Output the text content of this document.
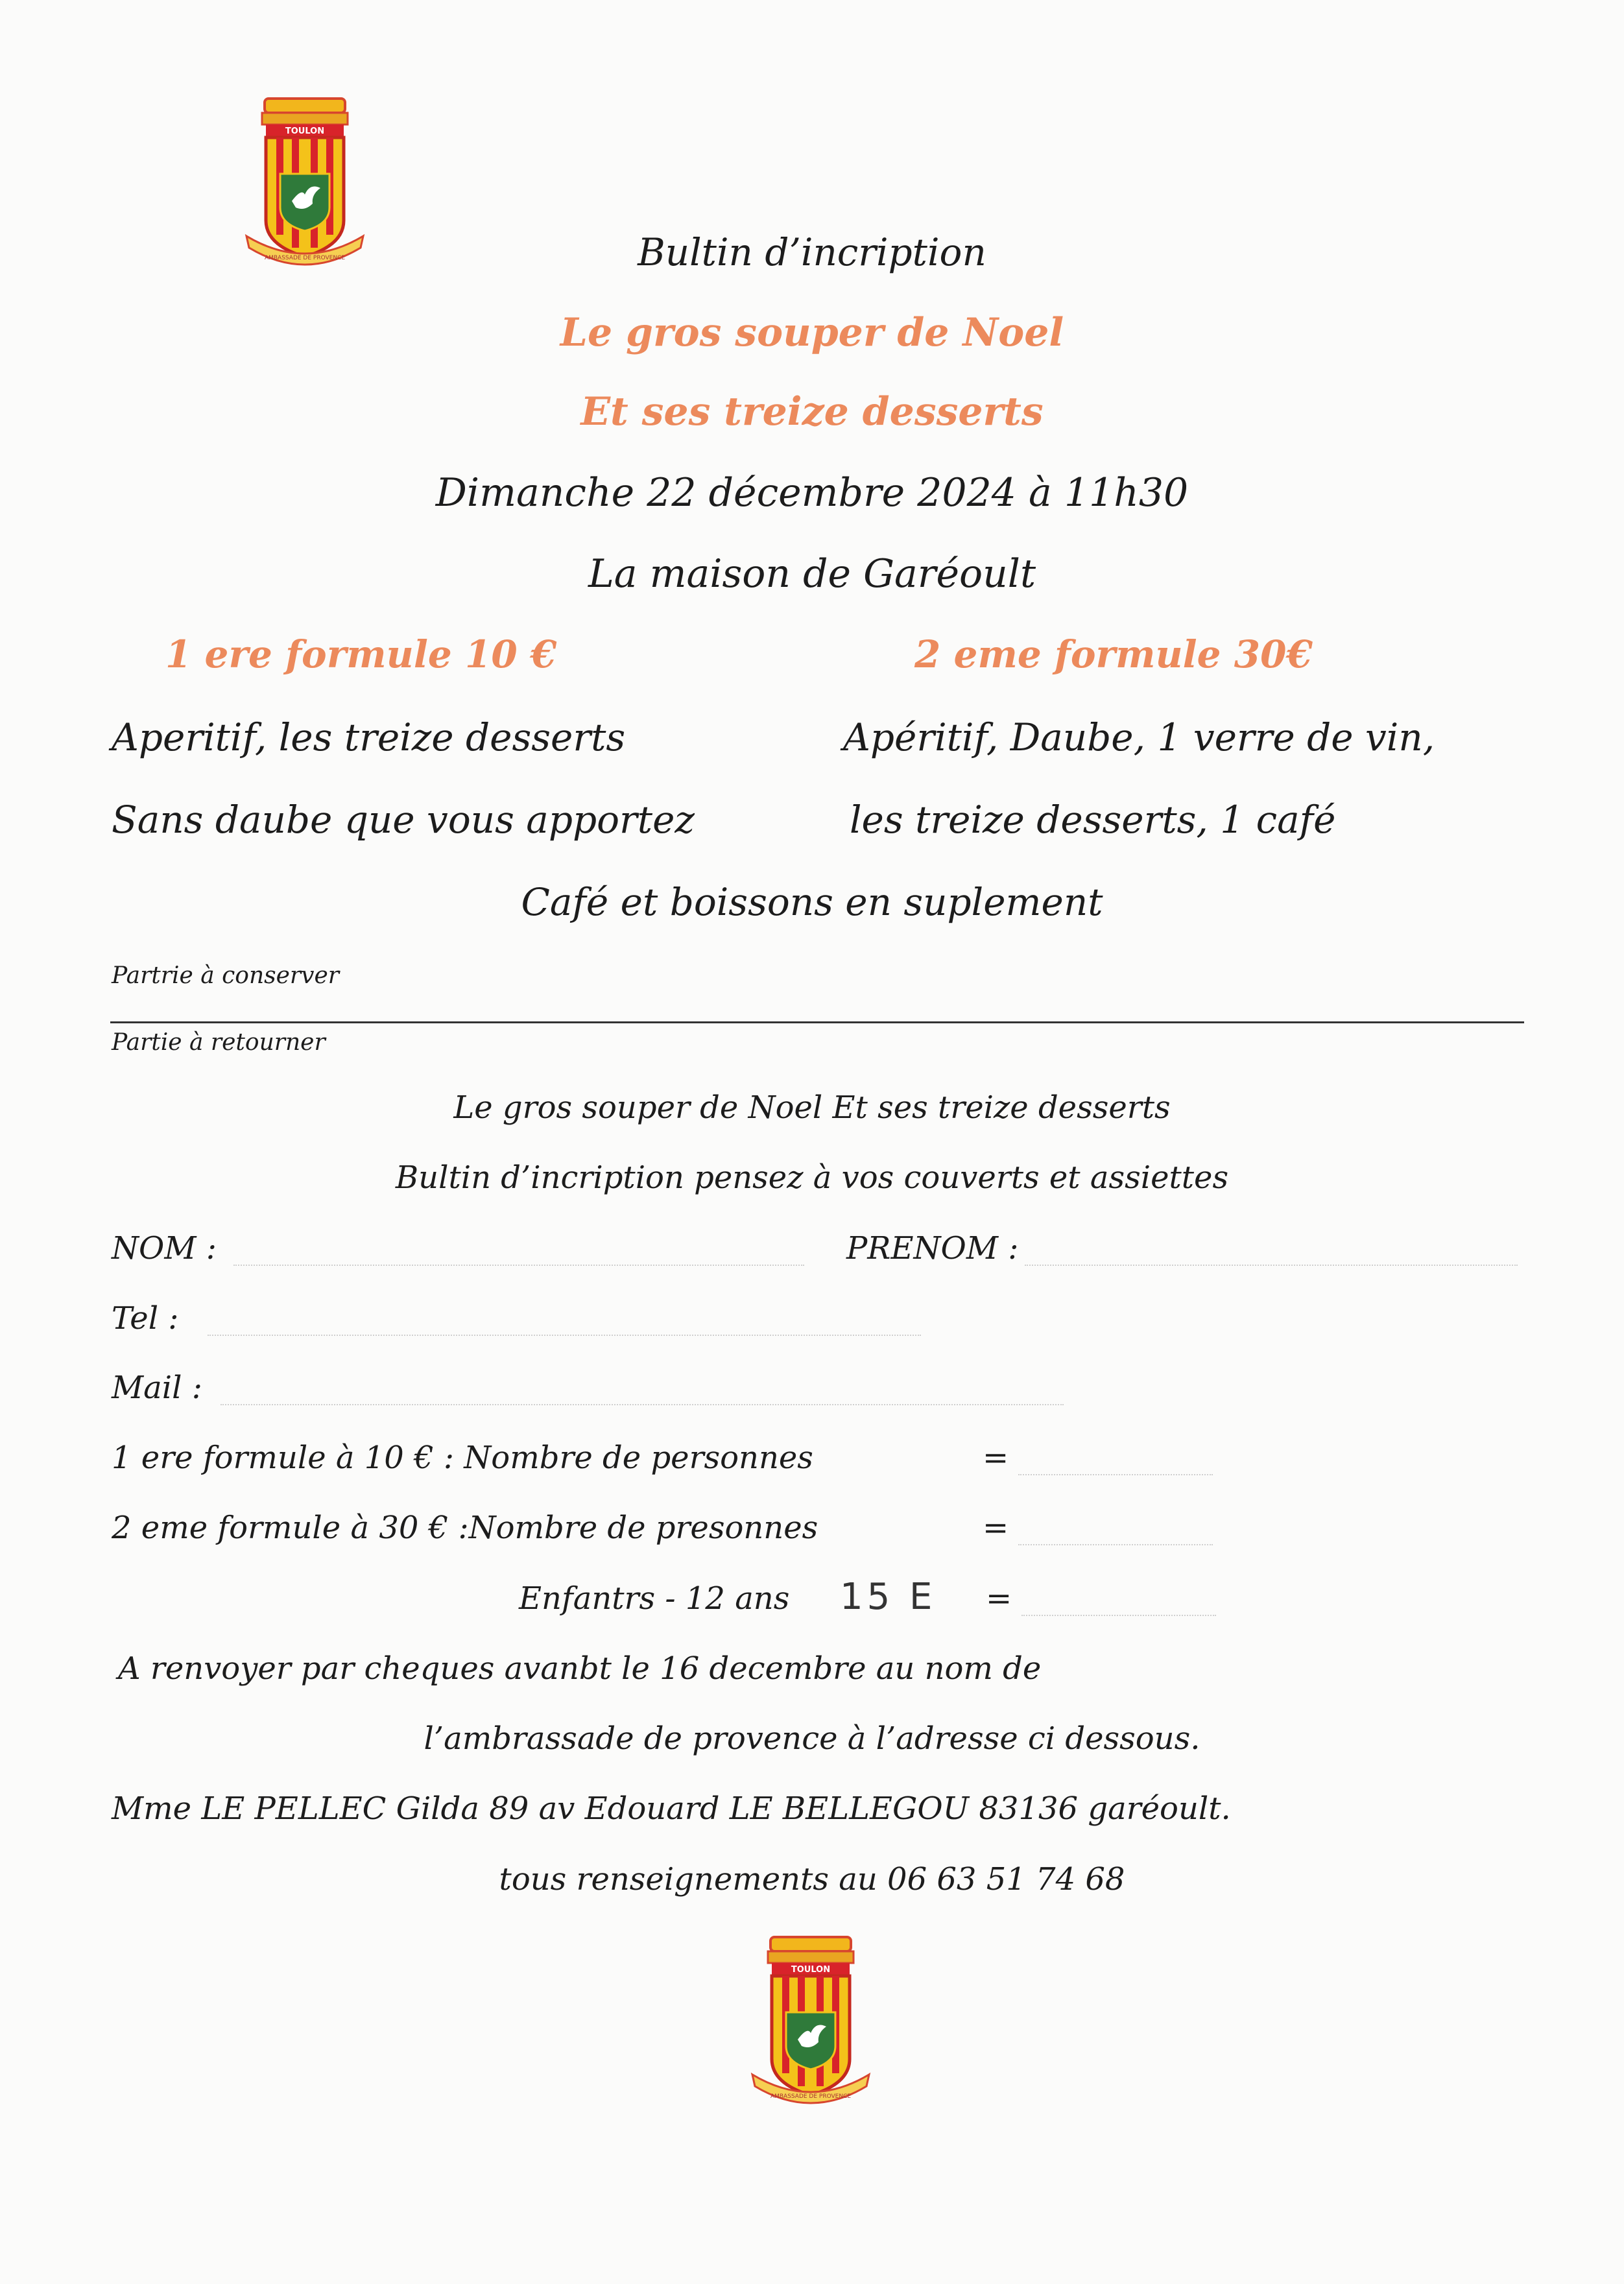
TOULON
AMBASSADE DE PROVENCE	Bultin d’incription
Le gros souper de Noel
Et ses treize desserts
Dimanche 22 décembre 2024 à 11h30
La maison de Garéoult
1 ere formule 10 €	2 eme formule 30€
Aperitif, les treize desserts	Apéritif, Daube, 1 verre de vin,
Sans daube que vous apportez	les treize desserts, 1 café
Café et boissons en suplement
Partrie à conserver
Partie à retourner
Le gros souper de Noel Et ses treize desserts
Bultin d’incription pensez à vos couverts et assiettes
NOM :	PRENOM :
Tel :
Mail :
1 ere formule à 10 € : Nombre de personnes	=
2 eme formule à 30 € :Nombre de presonnes	=
Enfantrs - 12 ans 15 E =
A renvoyer par cheques avanbt le 16 decembre au nom de
l’ambrassade de provence à l’adresse ci dessous.
Mme LE PELLEC Gilda 89 av Edouard LE BELLEGOU 83136 garéoult.
tous renseignements au 06 63 51 74 68
TOULON
AMBASSADE DE PROVENCE
